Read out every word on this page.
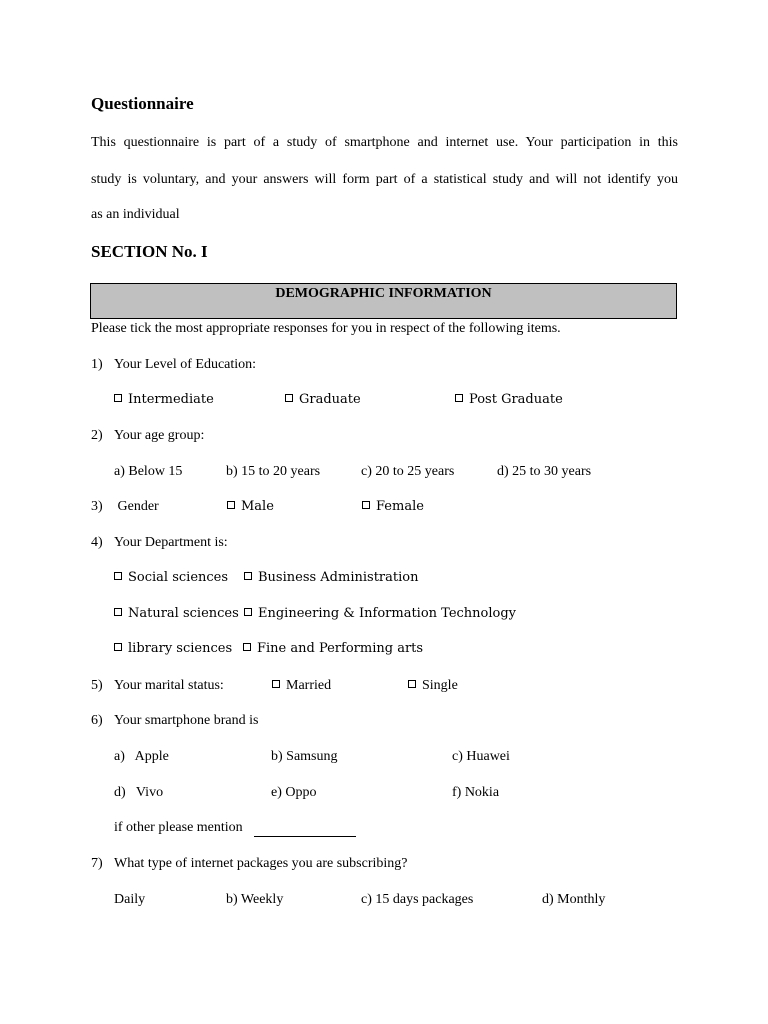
Questionnaire
This questionnaire is part of a study of smartphone and internet use. Your participation in this
study is voluntary, and your answers will form part of a statistical study and will not identify you
as an individual
SECTION No. I
DEMOGRAPHIC INFORMATION
Please tick the most appropriate responses for you in respect of the following items.
1) Your Level of Education:
Intermediate	Graduate	Post Graduate
2) Your age group:
a) Below 15	b) 15 to 20 years	c) 20 to 25 years	d) 25 to 30 years
3) Gender	Male	Female
4) Your Department is:
Social sciences	Business Administration
Natural sciences	Engineering & Information Technology
library sciences	Fine and Performing arts
5) Your marital status:	Married	Single
6) Your smartphone brand is
a)   Apple	b) Samsung	c) Huawei
d)   Vivo	e) Oppo	f) Nokia
if other please mention
7) What type of internet packages you are subscribing?
Daily	b) Weekly	c) 15 days packages	d) Monthly
